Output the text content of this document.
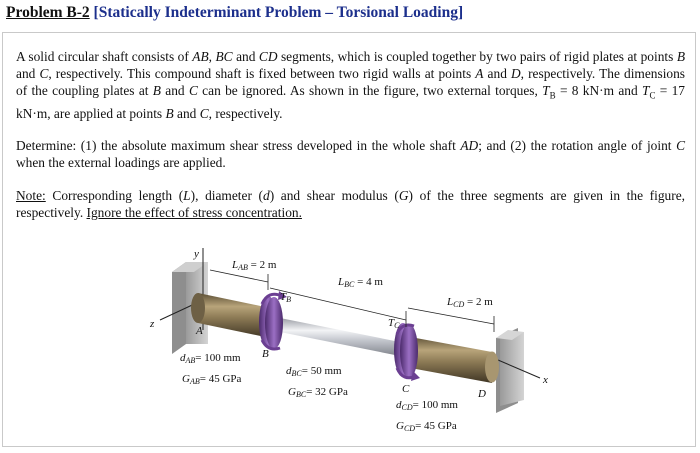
Problem B-2 [Statically Indeterminant Problem – Torsional Loading]
A solid circular shaft consists of AB, BC and CD segments, which is coupled together by two pairs of rigid plates at points B and C, respectively. This compound shaft is fixed between two rigid walls at points A and D, respectively. The dimensions of the coupling plates at B and C can be ignored. As shown in the figure, two external torques, $T_B = 8$ kN·m and $T_C = 17$ kN·m, are applied at points B and C, respectively.
Determine: (1) the absolute maximum shear stress developed in the whole shaft AD; and (2) the rotation angle of joint C when the external loadings are applied.
Note: Corresponding length (L), diameter (d) and shear modulus (G) of the three segments are given in the figure, respectively. Ignore the effect of stress concentration.
y
z
x
LAB = 2 m
LBC = 4 m
LCD = 2 m
TB
TC
A
B
C	D
dAB= 100 mm
GAB= 45 GPa
dBC= 50 mm
GBC= 32 GPa
dCD= 100 mm
GCD= 45 GPa
